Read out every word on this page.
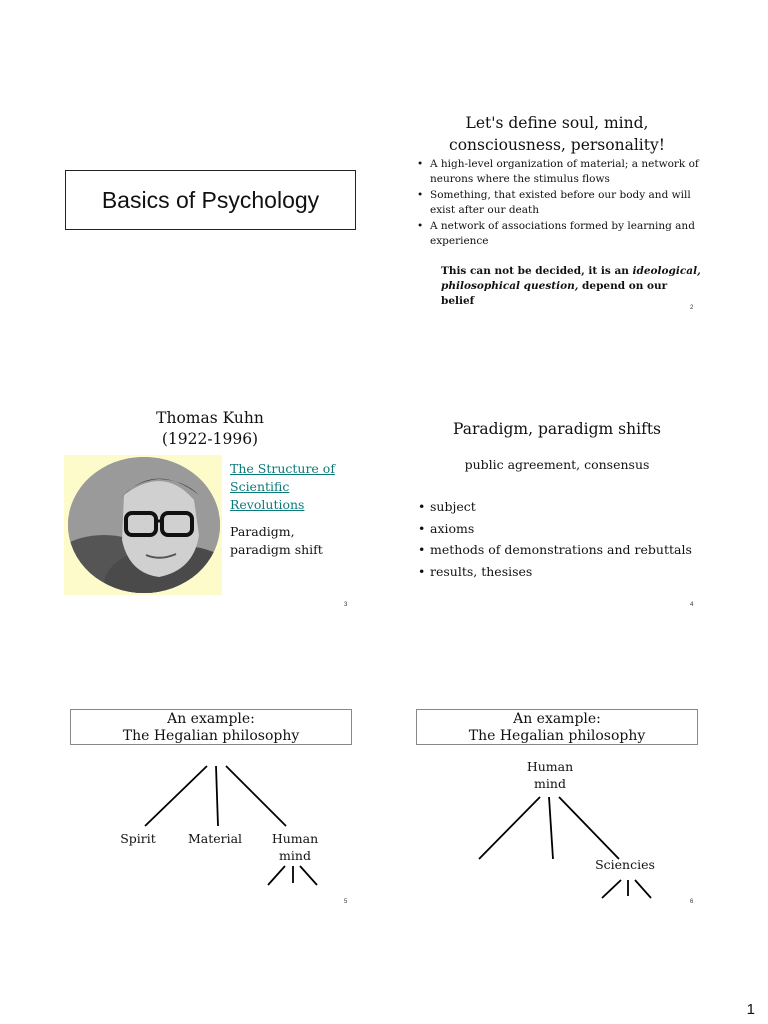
Basics of Psychology
Let's define soul, mind,
consciousness, personality!
• A high-level organization of material; a network of neurons where the stimulus flows
• Something, that existed before our body and will exist after our death
• A network of associations formed by learning and experience
This can not be decided, it is an ideological, philosophical question, depend on our belief
2
Thomas Kuhn
(1922-1996)
The Structure of Scientific Revolutions
Paradigm, paradigm shift
3
Paradigm, paradigm shifts
public agreement, consensus
• subject
• axioms
• methods of demonstrations and rebuttals
• results, thesises
4
An example:
The Hegalian philosophy
Spirit	Material	Human
mind
5
An example:
The Hegalian philosophy
Human
mind
Sciencies
6
1
